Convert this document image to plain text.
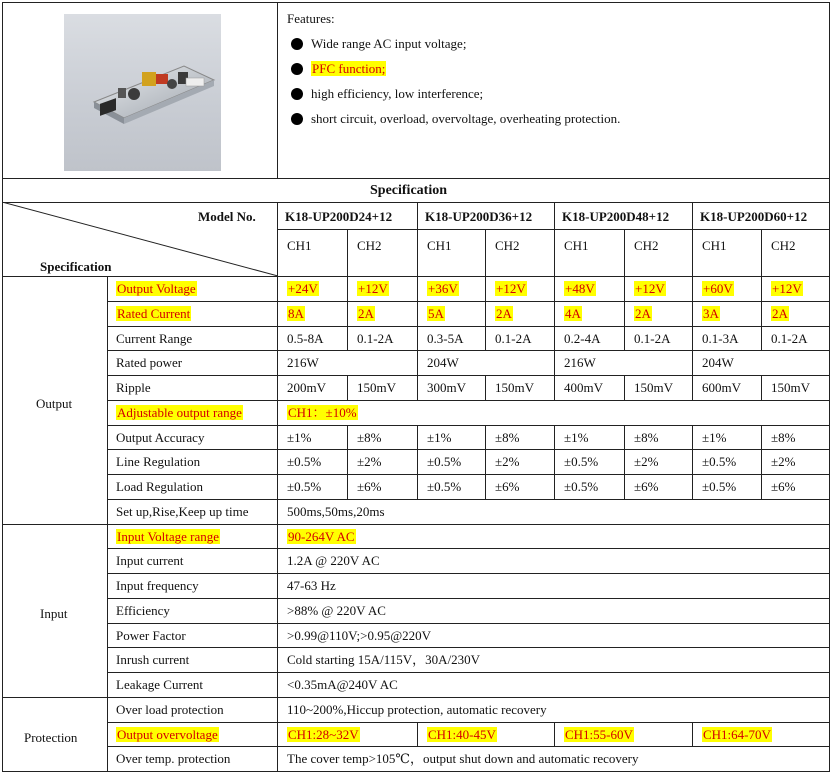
Features:
Wide range AC input voltage;
PFC function;
high efficiency, low interference;
short circuit, overload, overvoltage, overheating protection.
Specification
Model No.
Specification
Output
Input
Protection
K18-UP200D24+12	K18-UP200D36+12 K18-UP200D48+12 K18-UP200D60+12
CH1	CH2	CH1	CH2	CH1	CH2	CH1	CH2
Output Voltage	+24V	+12V	+36V	+12V	+48V	+12V	+60V	+12V
Rated Current	8A	2A	5A	2A	4A	2A	3A	2A
Current Range	0.5-8A	0.1-2A	0.3-5A 0.1-2A	0.2-4A	0.1-2A 0.1-3A	0.1-2A
Rated power	216W	204W	216W	204W
Ripple	200mV 150mV 300mV 150mV 400mV 150mV 600mV 150mV
Adjustable output range	CH1：±10%
Output Accuracy	±1%	±8%	±1%	±8%	±1%	±8%	±1%	±8%
Line Regulation	±0.5%	±2%	±0.5%	±2%	±0.5%	±2%	±0.5%	±2%
Load Regulation	±0.5%	±6%	±0.5%	±6%	±0.5%	±6%	±0.5%	±6%
Set up,Rise,Keep up time	500ms,50ms,20ms
Input Voltage range	90-264V AC
Input current	1.2A @ 220V AC
Input frequency	47-63 Hz
Efficiency	>88% @ 220V AC
Power Factor	>0.99@110V;>0.95@220V
Inrush current	Cold starting 15A/115V，30A/230V
Leakage Current	<0.35mA@240V AC
Over load protection	110~200%,Hiccup protection, automatic recovery
Output overvoltage	CH1:28~32V	CH1:40-45V	CH1:55-60V	CH1:64-70V
Over temp. protection	The cover temp>105℃，output shut down and automatic recovery
